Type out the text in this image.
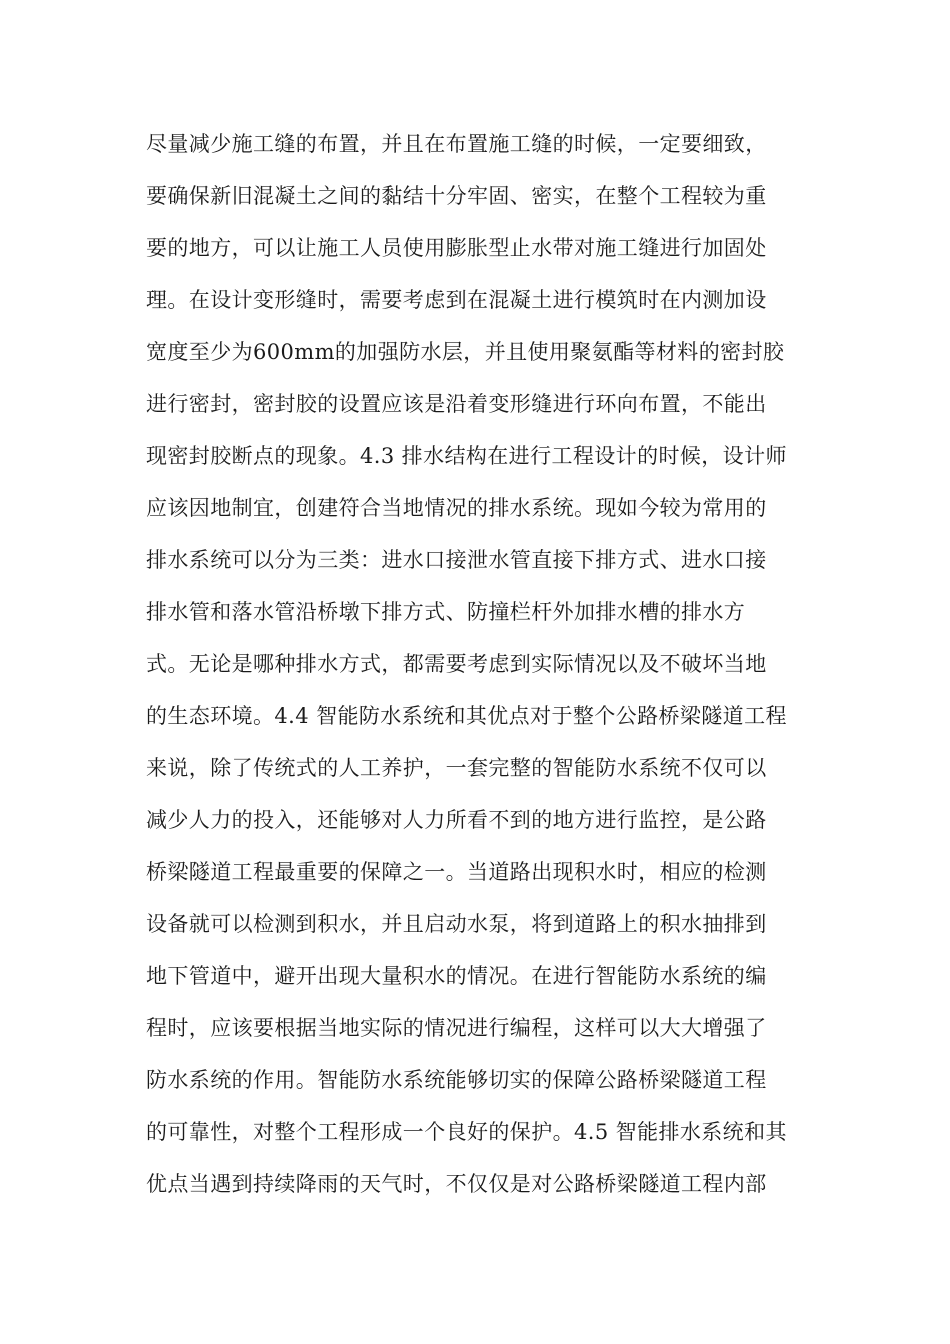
尽量减少施工缝的布置，并且在布置施工缝的时候，一定要细致，
要确保新旧混凝土之间的黏结十分牢固、密实，在整个工程较为重
要的地方，可以让施工人员使用膨胀型止水带对施工缝进行加固处
理。在设计变形缝时，需要考虑到在混凝土进行模筑时在内测加设
宽度至少为600mm的加强防水层，并且使用聚氨酯等材料的密封胶
进行密封，密封胶的设置应该是沿着变形缝进行环向布置，不能出
现密封胶断点的现象。4.3 排水结构在进行工程设计的时候，设计师
应该因地制宜，创建符合当地情况的排水系统。现如今较为常用的
排水系统可以分为三类：进水口接泄水管直接下排方式、进水口接
排水管和落水管沿桥墩下排方式、防撞栏杆外加排水槽的排水方
式。无论是哪种排水方式，都需要考虑到实际情况以及不破坏当地
的生态环境。4.4 智能防水系统和其优点对于整个公路桥梁隧道工程
来说，除了传统式的人工养护，一套完整的智能防水系统不仅可以
减少人力的投入，还能够对人力所看不到的地方进行监控，是公路
桥梁隧道工程最重要的保障之一。当道路出现积水时，相应的检测
设备就可以检测到积水，并且启动水泵，将到道路上的积水抽排到
地下管道中，避开出现大量积水的情况。在进行智能防水系统的编
程时，应该要根据当地实际的情况进行编程，这样可以大大增强了
防水系统的作用。智能防水系统能够切实的保障公路桥梁隧道工程
的可靠性，对整个工程形成一个良好的保护。4.5 智能排水系统和其
优点当遇到持续降雨的天气时，不仅仅是对公路桥梁隧道工程内部
